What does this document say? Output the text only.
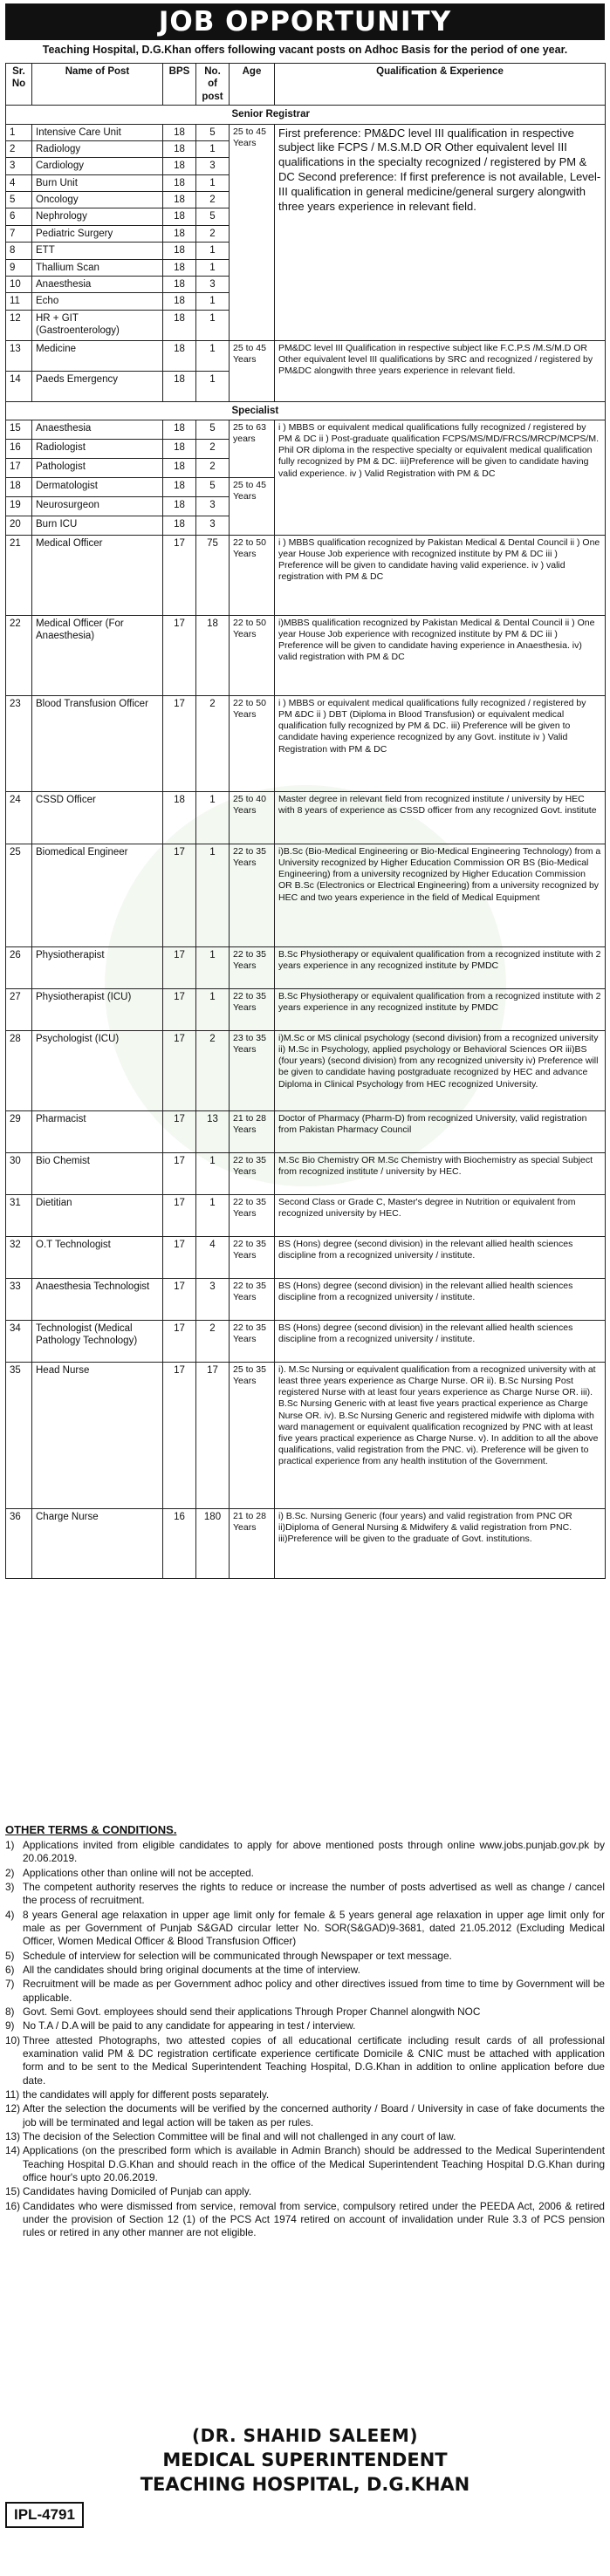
JOB OPPORTUNITY
Teaching Hospital, D.G.Khan offers following vacant posts on Adhoc Basis for the period of one year.
Sr. No	Name of Post	BPS	No. of post	Age	Qualification & Experience
				Senior Registrar	
1	Intensive Care Unit	18	5	25 to 45 Years	First preference: PM&DC level III qualification in respective subject like FCPS / M.S.M.D OR Other equivalent level III qualifications in the specialty recognized / registered by PM & DC Second preference: If first preference is not available, Level-III qualification in general medicine/general surgery alongwith three years experience in relevant field.
2	Radiology	18	1		
3	Cardiology	18	3		
4	Burn Unit	18	1		
5	Oncology	18	2		
6	Nephrology	18	5		
7	Pediatric Surgery	18	2		
8	ETT	18	1		
9	Thallium Scan	18	1		
10	Anaesthesia	18	3		
11	Echo	18	1		
12	HR + GIT (Gastroenterology)	18	1		
13	Medicine	18	1	25 to 45 Years	PM&DC level III Qualification in respective subject like F.C.P.S /M.S/M.D OR Other equivalent level III qualifications by SRC and recognized / registered by PM&DC alongwith three years experience in relevant field.
14	Paeds Emergency	18	1		
				Specialist	
15	Anaesthesia	18	5	25 to 63 years	i ) MBBS or equivalent medical qualifications fully recognized / registered by PM & DC ii ) Post-graduate qualification FCPS/MS/MD/FRCS/MRCP/MCPS/M. Phil OR diploma in the respective specialty or equivalent medical qualification fully recognized by PM & DC. iii)Preference will be given to candidate having valid experience. iv ) Valid Registration with PM & DC
16	Radiologist	18	2		
17	Pathologist	18	2		
18	Dermatologist	18	5	25 to 45 Years	
19	Neurosurgeon	18	3		
20	Burn ICU	18	3		
21	Medical Officer	17	75	22 to 50 Years	i ) MBBS qualification recognized by Pakistan Medical & Dental Council ii ) One year House Job experience with recognized institute by PM & DC iii ) Preference will be given to candidate having valid experience. iv ) valid registration with PM & DC
22	Medical Officer (For Anaesthesia)	17	18	22 to 50 Years	i)MBBS qualification recognized by Pakistan Medical & Dental Council ii ) One year House Job experience with recognized institute by PM & DC iii ) Preference will be given to candidate having experience in Anaesthesia. iv) valid registration with PM & DC
23	Blood Transfusion Officer	17	2	22 to 50 Years	i ) MBBS or equivalent medical qualifications fully recognized / registered by PM &DC ii ) DBT (Diploma in Blood Transfusion) or equivalent medical qualification fully recognized by PM & DC. iii) Preference will be given to candidate having experience recognized by any Govt. institute iv ) Valid Registration with PM & DC
24	CSSD Officer	18	1	25 to 40 Years	Master degree in relevant field from recognized institute / university by HEC with 8 years of experience as CSSD officer from any recognized Govt. institute
25	Biomedical Engineer	17	1	22 to 35 Years	i)B.Sc (Bio-Medical Engineering or Bio-Medical Engineering Technology) from a University recognized by Higher Education Commission OR BS (Bio-Medical Engineering) from a university recognized by Higher Education Commission OR B.Sc (Electronics or Electrical Engineering) from a university recognized by HEC and two years experience in the field of Medical Equipment
26	Physiotherapist	17	1	22 to 35 Years	B.Sc Physiotherapy or equivalent qualification from a recognized institute with 2 years experience in any recognized institute by PMDC
27	Physiotherapist (ICU)	17	1	22 to 35 Years	B.Sc Physiotherapy or equivalent qualification from a recognized institute with 2 years experience in any recognized institute by PMDC
28	Psychologist (ICU)	17	2	23 to 35 Years	i)M.Sc or MS clinical psychology (second division) from a recognized university ii) M.Sc in Psychology, applied psychology or Behavioral Sciences OR iii)BS (four years) (second division) from any recognized university iv) Preference will be given to candidate having postgraduate recognized by HEC and advance Diploma in Clinical Psychology from HEC recognized University.
29	Pharmacist	17	13	21 to 28 Years	Doctor of Pharmacy (Pharm-D) from recognized University, valid registration from Pakistan Pharmacy Council
30	Bio Chemist	17	1	22 to 35 Years	M.Sc Bio Chemistry OR M.Sc Chemistry with Biochemistry as special Subject from recognized institute / university by HEC.
31	Dietitian	17	1	22 to 35 Years	Second Class or Grade C, Master's degree in Nutrition or equivalent from recognized university by HEC.
32	O.T Technologist	17	4	22 to 35 Years	BS (Hons) degree (second division) in the relevant allied health sciences discipline from a recognized university / institute.
33	Anaesthesia Technologist	17	3	22 to 35 Years	BS (Hons) degree (second division) in the relevant allied health sciences discipline from a recognized university / institute.
34	Technologist (Medical Pathology Technology)	17	2	22 to 35 Years	BS (Hons) degree (second division) in the relevant allied health sciences discipline from a recognized university / institute.
35	Head Nurse	17	17	25 to 35 Years	i). M.Sc Nursing or equivalent qualification from a recognized university with at least three years experience as Charge Nurse. OR ii). B.Sc Nursing Post registered Nurse with at least four years experience as Charge Nurse OR. iii). B.Sc Nursing Generic with at least five years practical experience as Charge Nurse OR. iv). B.Sc Nursing Generic and registered midwife with diploma with ward management or equivalent qualification recognized by PNC with at least five years practical experience as Charge Nurse. v). In addition to all the above qualifications, valid registration from the PNC. vi). Preference will be given to practical experience from any health institution of the Government.
36	Charge Nurse	16	180	21 to 28 Years	i) B.Sc. Nursing Generic (four years) and valid registration from PNC OR ii)Diploma of General Nursing & Midwifery & valid registration from PNC. iii)Preference will be given to the graduate of Govt. institutions.
OTHER TERMS & CONDITIONS.
1) Applications invited from eligible candidates to apply for above mentioned posts through online www.jobs.punjab.gov.pk by 20.06.2019.
2) Applications other than online will not be accepted.
3) The competent authority reserves the rights to reduce or increase the number of posts advertised as well as change / cancel the process of recruitment.
4) 8 years General age relaxation in upper age limit only for female & 5 years general age relaxation in upper age limit only for male as per Government of Punjab S&GAD circular letter No. SOR(S&GAD)9-3681, dated 21.05.2012 (Excluding Medical Officer, Women Medical Officer & Blood Transfusion Officer)
5) Schedule of interview for selection will be communicated through Newspaper or text message.
6) All the candidates should bring original documents at the time of interview.
7) Recruitment will be made as per Government adhoc policy and other directives issued from time to time by Government will be applicable.
8) Govt. Semi Govt. employees should send their applications Through Proper Channel alongwith NOC
9) No T.A / D.A will be paid to any candidate for appearing in test / interview.
10) Three attested Photographs, two attested copies of all educational certificate including result cards of all professional examination valid PM & DC registration certificate experience certificate Domicile & CNIC must be attached with application form and to be sent to the Medical Superintendent Teaching Hospital, D.G.Khan in addition to online application before due date.
11) the candidates will apply for different posts separately.
12) After the selection the documents will be verified by the concerned authority / Board / University in case of fake documents the job will be terminated and legal action will be taken as per rules.
13) The decision of the Selection Committee will be final and will not challenged in any court of law.
14) Applications (on the prescribed form which is available in Admin Branch) should be addressed to the Medical Superintendent Teaching Hospital D.G.Khan and should reach in the office of the Medical Superintendent Teaching Hospital D.G.Khan during office hour's upto 20.06.2019.
15) Candidates having Domiciled of Punjab can apply.
16) Candidates who were dismissed from service, removal from service, compulsory retired under the PEEDA Act, 2006 & retired under the provision of Section 12 (1) of the PCS Act 1974 retired on account of invalidation under Rule 3.3 of PCS pension rules or retired in any other manner are not eligible.
(DR. SHAHID SALEEM)
MEDICAL SUPERINTENDENT
TEACHING HOSPITAL, D.G.KHAN
IPL-4791
